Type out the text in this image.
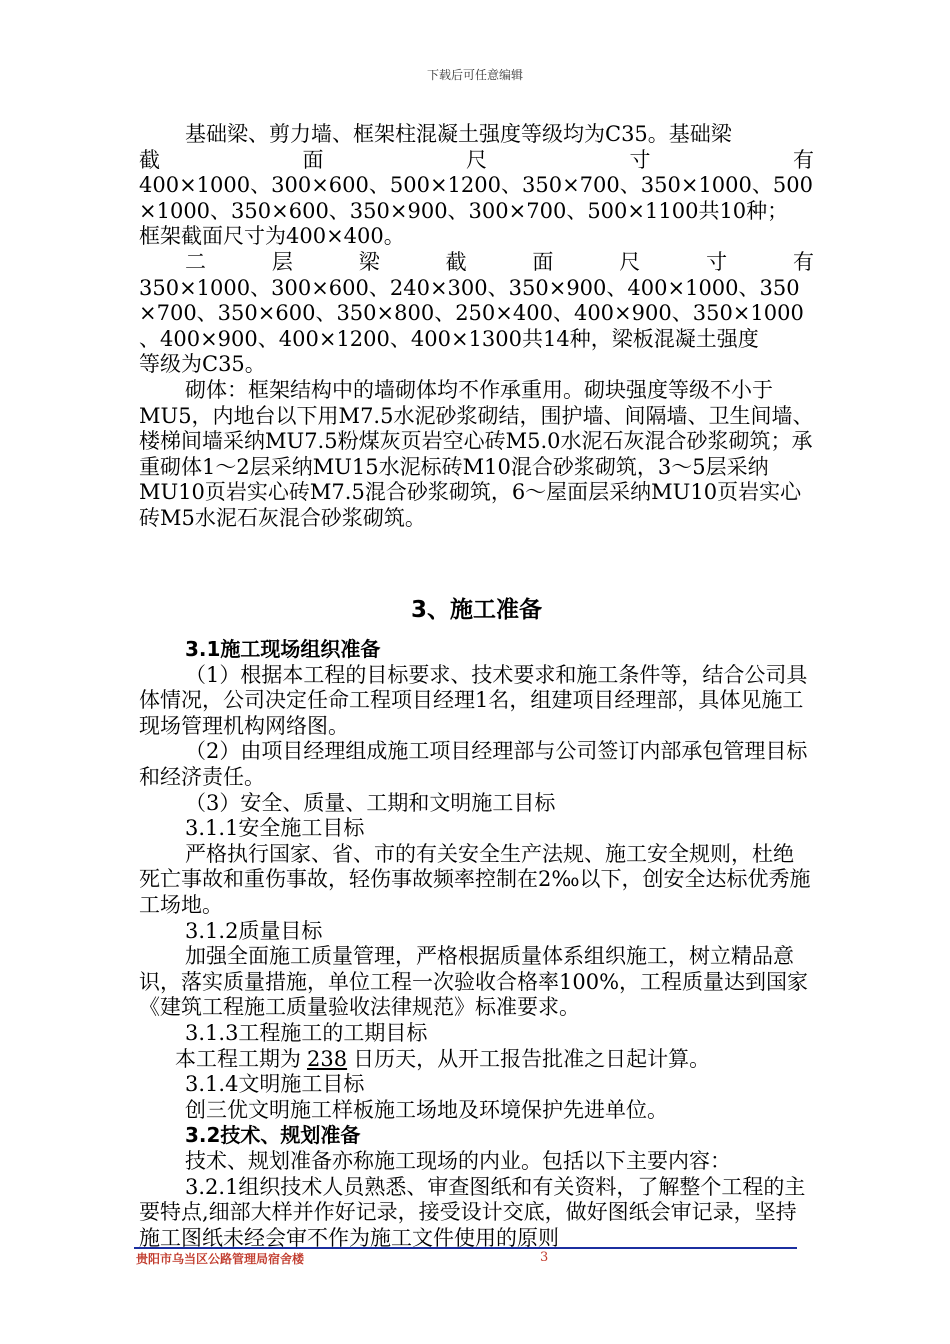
下载后可任意编辑

基础梁、剪力墙、框架柱混凝土强度等级均为C35。基础梁

截　　面　　尺　　寸　　有

400×1000、300×600、500×1200、350×700、350×1000、500

×1000、350×600、350×900、300×700、500×1100共10种；

框架截面尺寸为400×400。

二　　层　　梁　　截　　面　　尺　　寸　　有

350×1000、300×600、240×300、350×900、400×1000、350

×700、350×600、350×800、250×400、400×900、350×1000

、400×900、400×1200、400×1300共14种，梁板混凝土强度

等级为C35。

砌体：框架结构中的墙砌体均不作承重用。砌块强度等级不小于MU5，内地台以下用M7.5水泥砂浆砌结，围护墙、间隔墙、卫生间墙、楼梯间墙采纳MU7.5粉煤灰页岩空心砖M5.0水泥石灰混合砂浆砌筑；承重砌体1～2层采纳MU15水泥标砖M10混合砂浆砌筑，3～5层采纳MU10页岩实心砖M7.5混合砂浆砌筑，6～屋面层采纳MU10页岩实心砖M5水泥石灰混合砂浆砌筑。

3、施工准备

3.1施工现场组织准备

（1）根据本工程的目标要求、技术要求和施工条件等，结合公司具体情况，公司决定任命工程项目经理1名，组建项目经理部，具体见施工现场管理机构网络图。

（2）由项目经理组成施工项目经理部与公司签订内部承包管理目标和经济责任。

（3）安全、质量、工期和文明施工目标

3.1.1安全施工目标

严格执行国家、省、市的有关安全生产法规、施工安全规则，杜绝死亡事故和重伤事故，轻伤事故频率控制在2‰以下，创安全达标优秀施工场地。

3.1.2质量目标

加强全面施工质量管理，严格根据质量体系组织施工，树立精品意识，落实质量措施，单位工程一次验收合格率100%，工程质量达到国家《建筑工程施工质量验收法律规范》标准要求。

3.1.3工程施工的工期目标

本工程工期为 238 日历天，从开工报告批准之日起计算。

3.1.4文明施工目标

创三优文明施工样板施工场地及环境保护先进单位。

3.2技术、规划准备

技术、规划准备亦称施工现场的内业。包括以下主要内容：

3.2.1组织技术人员熟悉、审查图纸和有关资料，了解整个工程的主要特点,细部大样并作好记录，接受设计交底，做好图纸会审记录，坚持施工图纸未经会审不作为施工文件使用的原则

贵阳市乌当区公路管理局宿舍楼	3
